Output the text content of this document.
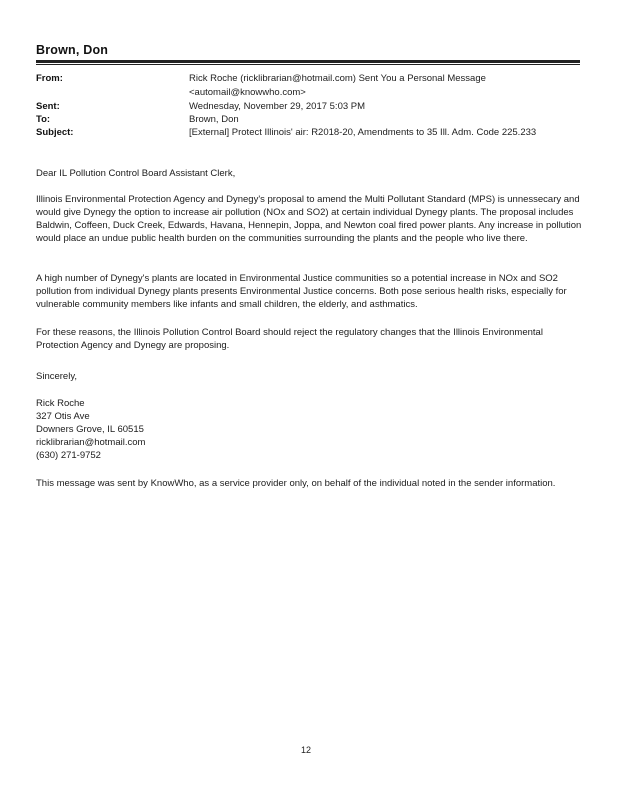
Brown, Don
From:	Rick Roche (ricklibrarian@hotmail.com) Sent You a Personal Message
<automail@knowwho.com>
Sent:	Wednesday, November 29, 2017 5:03 PM
To:	Brown, Don
Subject:	[External] Protect Illinois' air: R2018-20, Amendments to 35 Ill. Adm. Code 225.233

Dear IL Pollution Control Board Assistant Clerk,

Illinois Environmental Protection Agency and Dynegy's proposal to amend the Multi Pollutant Standard (MPS) is unnessecary and would give Dynegy the option to increase air pollution (NOx and SO2) at certain individual Dynegy plants. The proposal includes Baldwin, Coffeen, Duck Creek, Edwards, Havana, Hennepin, Joppa, and Newton coal fired power plants. Any increase in pollution would place an undue public health burden on the communities surrounding the plants and the people who live there.

A high number of Dynegy's plants are located in Environmental Justice communities so a potential increase in NOx and SO2 pollution from individual Dynegy plants presents Environmental Justice concerns. Both pose serious health risks, especially for vulnerable community members like infants and small children, the elderly, and asthmatics.

For these reasons, the Illinois Pollution Control Board should reject the regulatory changes that the Illinois Environmental Protection Agency and Dynegy are proposing.

Sincerely,
Rick Roche
327 Otis Ave
Downers Grove, IL 60515
ricklibrarian@hotmail.com
(630) 271-9752

This message was sent by KnowWho, as a service provider only, on behalf of the individual noted in the sender information.

12
